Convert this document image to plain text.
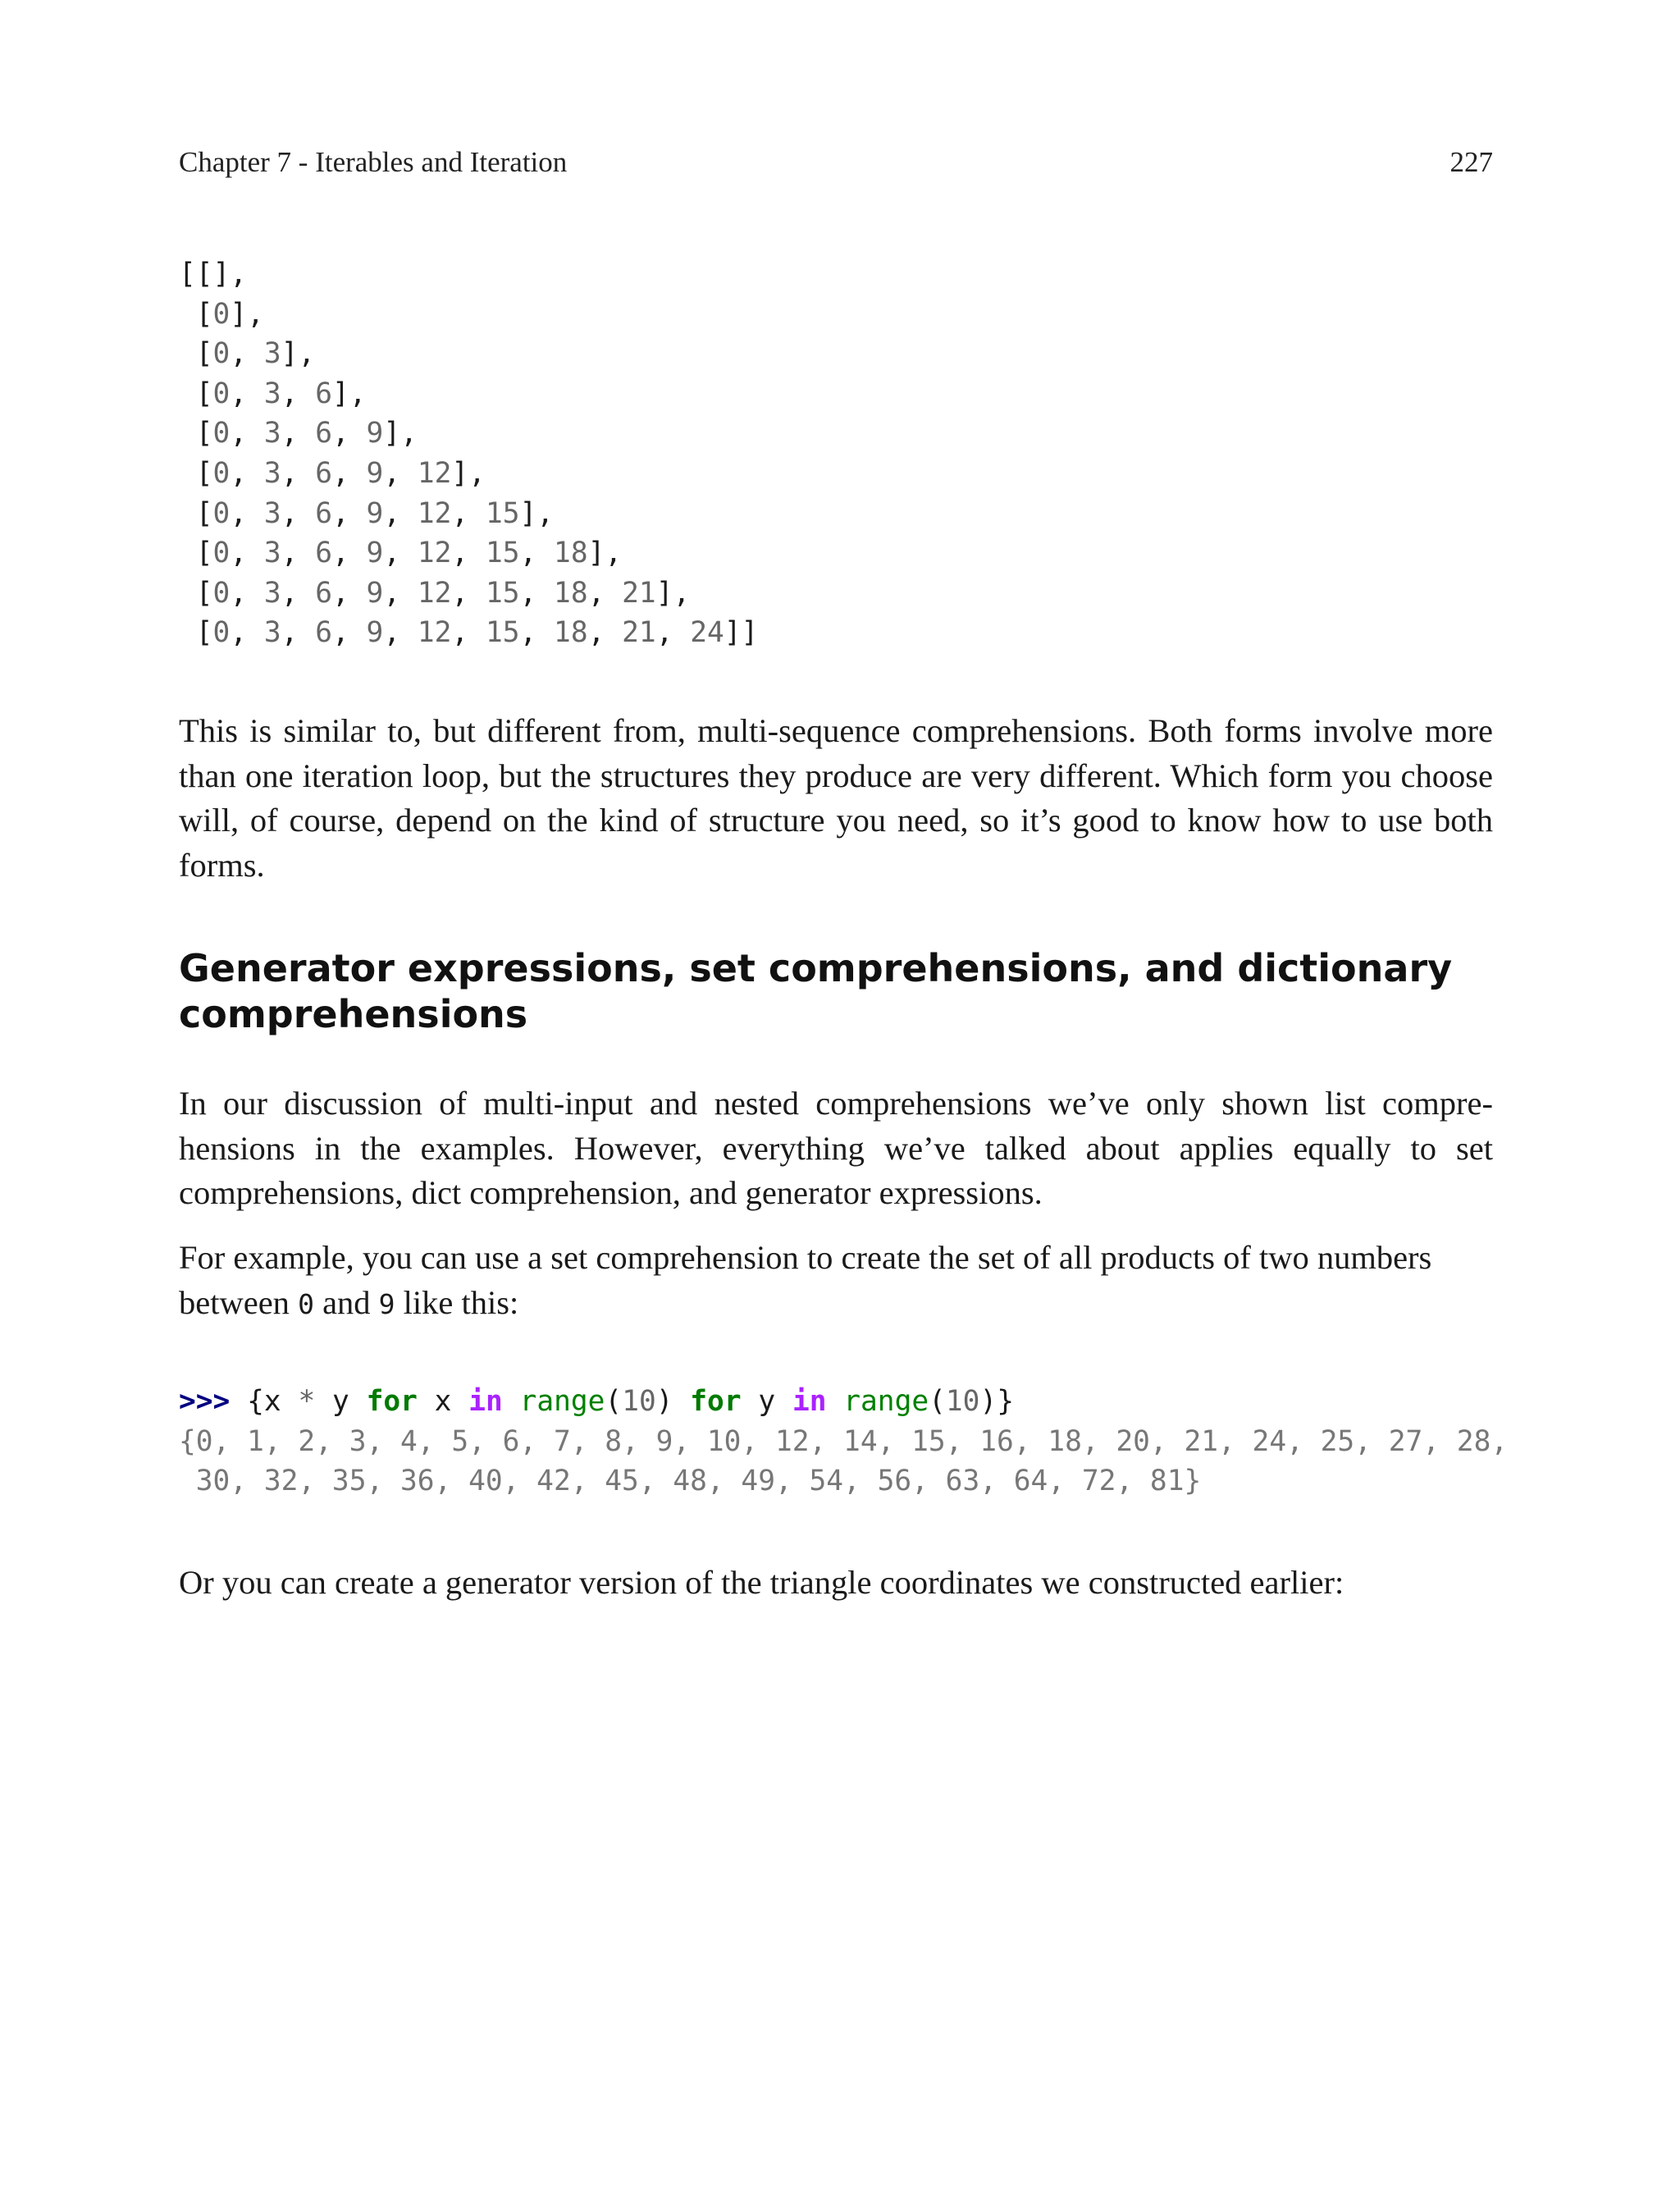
Chapter 7 - Iterables and Iteration	227
[[],
[0],
[0, 3],
[0, 3, 6],
[0, 3, 6, 9],
[0, 3, 6, 9, 12],
[0, 3, 6, 9, 12, 15],
[0, 3, 6, 9, 12, 15, 18],
[0, 3, 6, 9, 12, 15, 18, 21],
[0, 3, 6, 9, 12, 15, 18, 21, 24]]

This is similar to, but different from, multi-sequence comprehensions. Both forms involve more than one iteration loop, but the structures they produce are very different. Which form you choose will, of course, depend on the kind of structure you need, so it’s good to know how to use both forms.

Generator expressions, set comprehensions, and dictionary comprehensions

In our discussion of multi-input and nested comprehensions we’ve only shown list comprehensions in the examples. However, everything we’ve talked about applies equally to set comprehensions, dict comprehension, and generator expressions.

For example, you can use a set comprehension to create the set of all products of two numbers between 0 and 9 like this:

>>> {x * y for x in range(10) for y in range(10)}
{0, 1, 2, 3, 4, 5, 6, 7, 8, 9, 10, 12, 14, 15, 16, 18, 20, 21, 24, 25, 27, 28,
30, 32, 35, 36, 40, 42, 45, 48, 49, 54, 56, 63, 64, 72, 81}

Or you can create a generator version of the triangle coordinates we constructed earlier:
